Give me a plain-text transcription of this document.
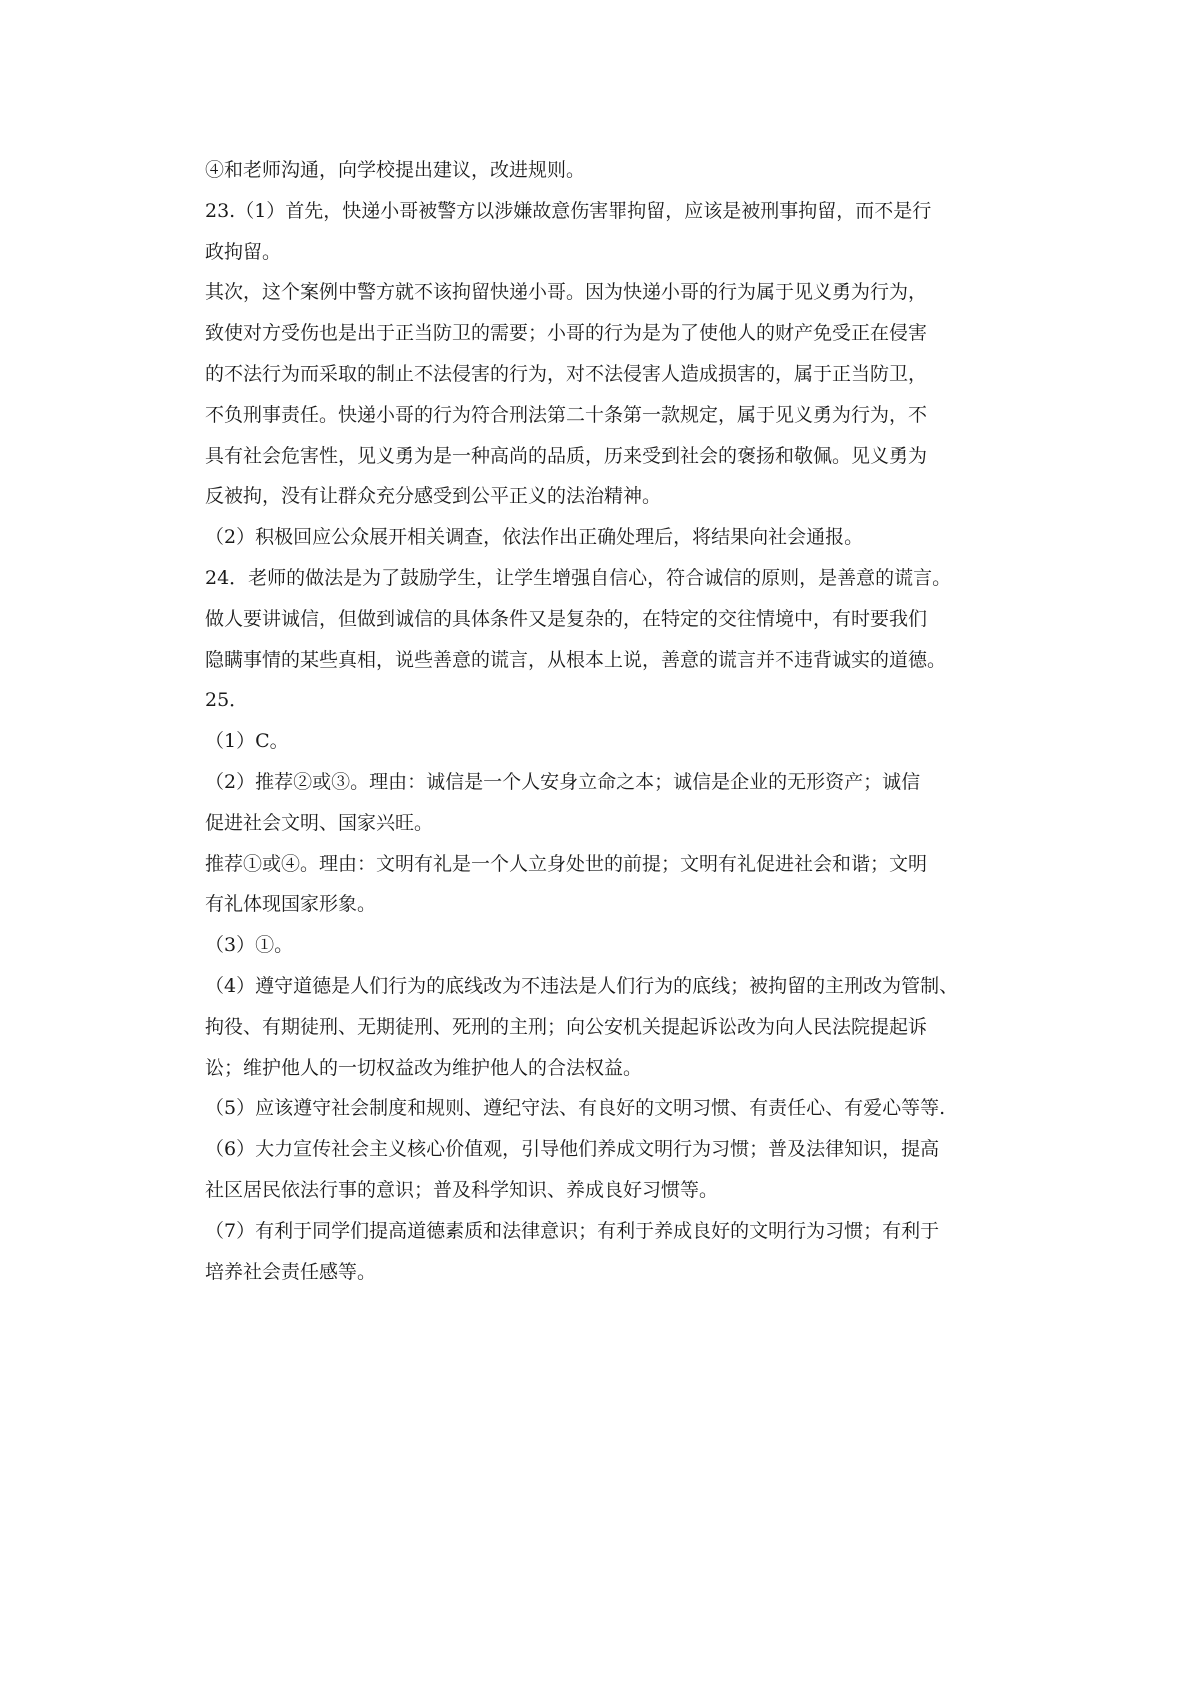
④和老师沟通，向学校提出建议，改进规则。
23.（1）首先，快递小哥被警方以涉嫌故意伤害罪拘留，应该是被刑事拘留，而不是行
政拘留。
其次，这个案例中警方就不该拘留快递小哥。因为快递小哥的行为属于见义勇为行为，
致使对方受伤也是出于正当防卫的需要；小哥的行为是为了使他人的财产免受正在侵害
的不法行为而采取的制止不法侵害的行为，对不法侵害人造成损害的，属于正当防卫，
不负刑事责任。快递小哥的行为符合刑法第二十条第一款规定，属于见义勇为行为，不
具有社会危害性，见义勇为是一种高尚的品质，历来受到社会的褒扬和敬佩。见义勇为
反被拘，没有让群众充分感受到公平正义的法治精神。
（2）积极回应公众展开相关调查，依法作出正确处理后，将结果向社会通报。
24．老师的做法是为了鼓励学生，让学生增强自信心，符合诚信的原则，是善意的谎言。
做人要讲诚信，但做到诚信的具体条件又是复杂的，在特定的交往情境中，有时要我们
隐瞒事情的某些真相，说些善意的谎言，从根本上说，善意的谎言并不违背诚实的道德。
25．
（1）C。
（2）推荐②或③。理由：诚信是一个人安身立命之本；诚信是企业的无形资产；诚信
促进社会文明、国家兴旺。
推荐①或④。理由：文明有礼是一个人立身处世的前提；文明有礼促进社会和谐；文明
有礼体现国家形象。
（3）①。
（4）遵守道德是人们行为的底线改为不违法是人们行为的底线；被拘留的主刑改为管制、
拘役、有期徒刑、无期徒刑、死刑的主刑；向公安机关提起诉讼改为向人民法院提起诉
讼；维护他人的一切权益改为维护他人的合法权益。
（5）应该遵守社会制度和规则、遵纪守法、有良好的文明习惯、有责任心、有爱心等等.
（6）大力宣传社会主义核心价值观，引导他们养成文明行为习惯；普及法律知识，提高
社区居民依法行事的意识；普及科学知识、养成良好习惯等。
（7）有利于同学们提高道德素质和法律意识；有利于养成良好的文明行为习惯；有利于
培养社会责任感等。
